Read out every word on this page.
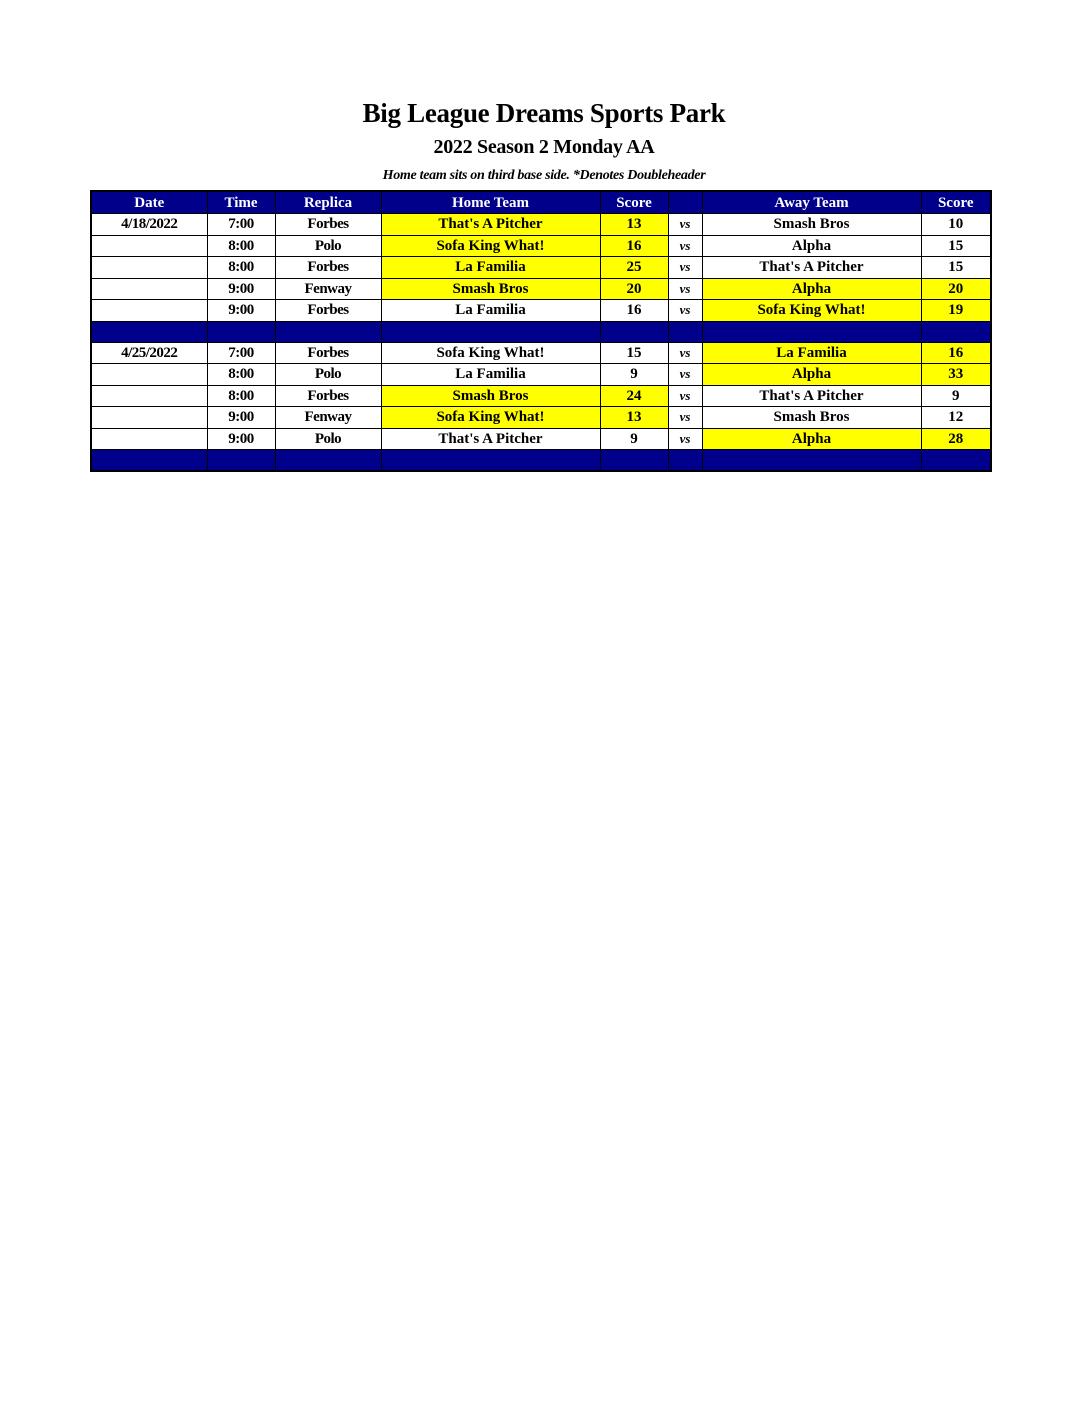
Big League Dreams Sports Park
2022 Season 2 Monday AA
Home team sits on third base side. *Denotes Doubleheader
Date	Time	Replica	Home Team	Score		Away Team	Score
4/18/2022	7:00	Forbes	That's A Pitcher	13	vs	Smash Bros	10
	8:00	Polo	Sofa King What!	16	vs	Alpha	15
	8:00	Forbes	La Familia	25	vs	That's A Pitcher	15
	9:00	Fenway	Smash Bros	20	vs	Alpha	20
	9:00	Forbes	La Familia	16	vs	Sofa King What!	19

4/25/2022	7:00	Forbes	Sofa King What!	15	vs	La Familia	16
	8:00	Polo	La Familia	9	vs	Alpha	33
	8:00	Forbes	Smash Bros	24	vs	That's A Pitcher	9
	9:00	Fenway	Sofa King What!	13	vs	Smash Bros	12
	9:00	Polo	That's A Pitcher	9	vs	Alpha	28
